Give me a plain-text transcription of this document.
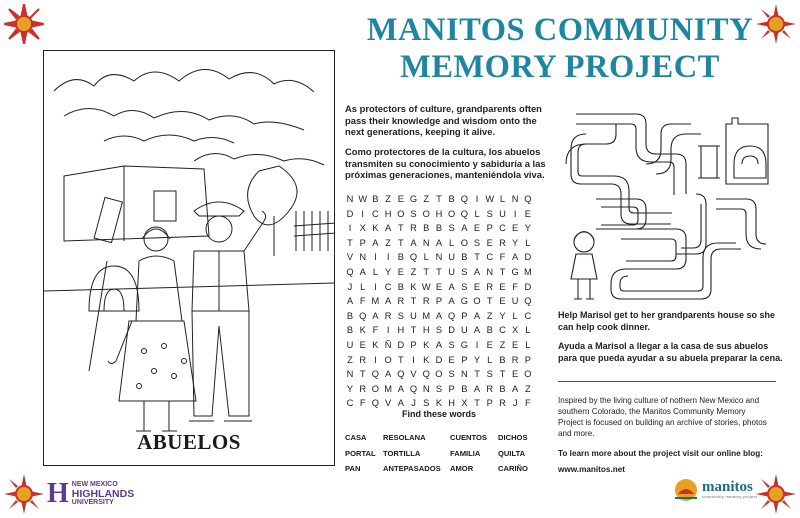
ABUELOS
MANITOS COMMUNITY
MEMORY PROJECT
As protectors of culture, grandparents often
pass their knowledge and wisdom onto the
next generations, keeping it alive.
Como protectores de la cultura, los abuelos
transmiten su conocimiento y sabiduría a las
próximas generaciones, manteniéndola viva.
N W B Z E G Z T B Q I W L N Q
D I C H O S O H O Q L S U I E
I X K A T R B B S A E P C E Y
T P A Z T A N A L O S E R Y L
V N I	I B Q L N U B T C F A D
Q A L Y E Z T T U S A N T G M
J L I C B K W E A S E R E F D
A F M A R T R P A G O T E U Q
B Q A R S U M A Q P A Z Y L C
B K F I H T H S D U A B C X L
U E K Ñ D P K A S G I E Z E L
Z R I O T I K D E P Y L B R P
N T Q A Q V Q O S N T S T E O
Y R O M A Q N S P B A R B A Z
C F Q V A J S K H X T P R J F
Find these words
CASA	RESOLANA	CUENTOS	DICHOS
PORTAL TORTILLA	FAMILIA	QUILTA
PAN	ANTEPASADOS	AMOR	CARIÑO
Help Marisol get to her grandparents house so she
can help cook dinner.
Ayuda a Marisol a llegar a la casa de sus abuelos
para que pueda ayudar a su abuela preparar la cena.
Inspired by the living culture of nothern New Mexico and
southern Colorado, the Manitos Community Memory
Project is focused on building an archive of stories, photos
and more.
To learn more about the project visit our online blog:
www.manitos.net
H NEW MEXICO
HIGHLANDS
UNIVERSITY
manitos
community memory project
